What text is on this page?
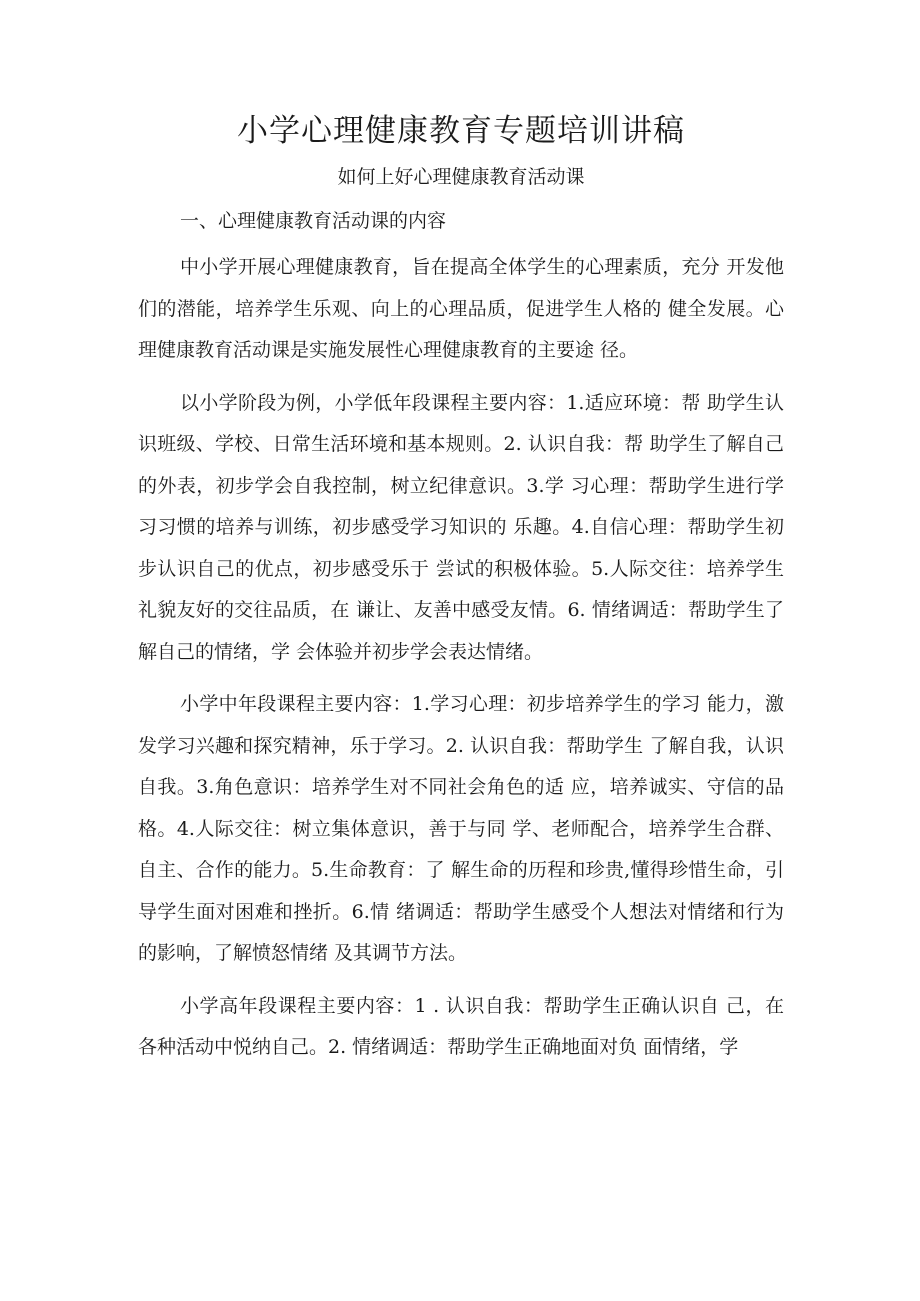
小学心理健康教育专题培训讲稿
如何上好心理健康教育活动课
一、心理健康教育活动课的内容

中小学开展心理健康教育，旨在提高全体学生的心理素质，充分 开发他们的潜能，培养学生乐观、向上的心理品质，促进学生人格的 健全发展。心理健康教育活动课是实施发展性心理健康教育的主要途 径。

以小学阶段为例，小学低年段课程主要内容：1.适应环境：帮 助学生认识班级、学校、日常生活环境和基本规则。2. 认识自我：帮 助学生了解自己的外表，初步学会自我控制，树立纪律意识。3.学 习心理：帮助学生进行学习习惯的培养与训练，初步感受学习知识的 乐趣。4.自信心理：帮助学生初步认识自己的优点，初步感受乐于 尝试的积极体验。5.人际交往：培养学生礼貌友好的交往品质，在 谦让、友善中感受友情。6. 情绪调适：帮助学生了解自己的情绪，学 会体验并初步学会表达情绪。

小学中年段课程主要内容：1.学习心理：初步培养学生的学习 能力，激发学习兴趣和探究精神，乐于学习。2. 认识自我：帮助学生 了解自我，认识自我。3.角色意识：培养学生对不同社会角色的适 应，培养诚实、守信的品格。4.人际交往：树立集体意识，善于与同 学、老师配合，培养学生合群、自主、合作的能力。5.生命教育：了 解生命的历程和珍贵,懂得珍惜生命，引导学生面对困难和挫折。6.情 绪调适：帮助学生感受个人想法对情绪和行为的影响，了解愤怒情绪 及其调节方法。

小学高年段课程主要内容：1 . 认识自我：帮助学生正确认识自 己，在各种活动中悦纳自己。2. 情绪调适：帮助学生正确地面对负 面情绪，学
